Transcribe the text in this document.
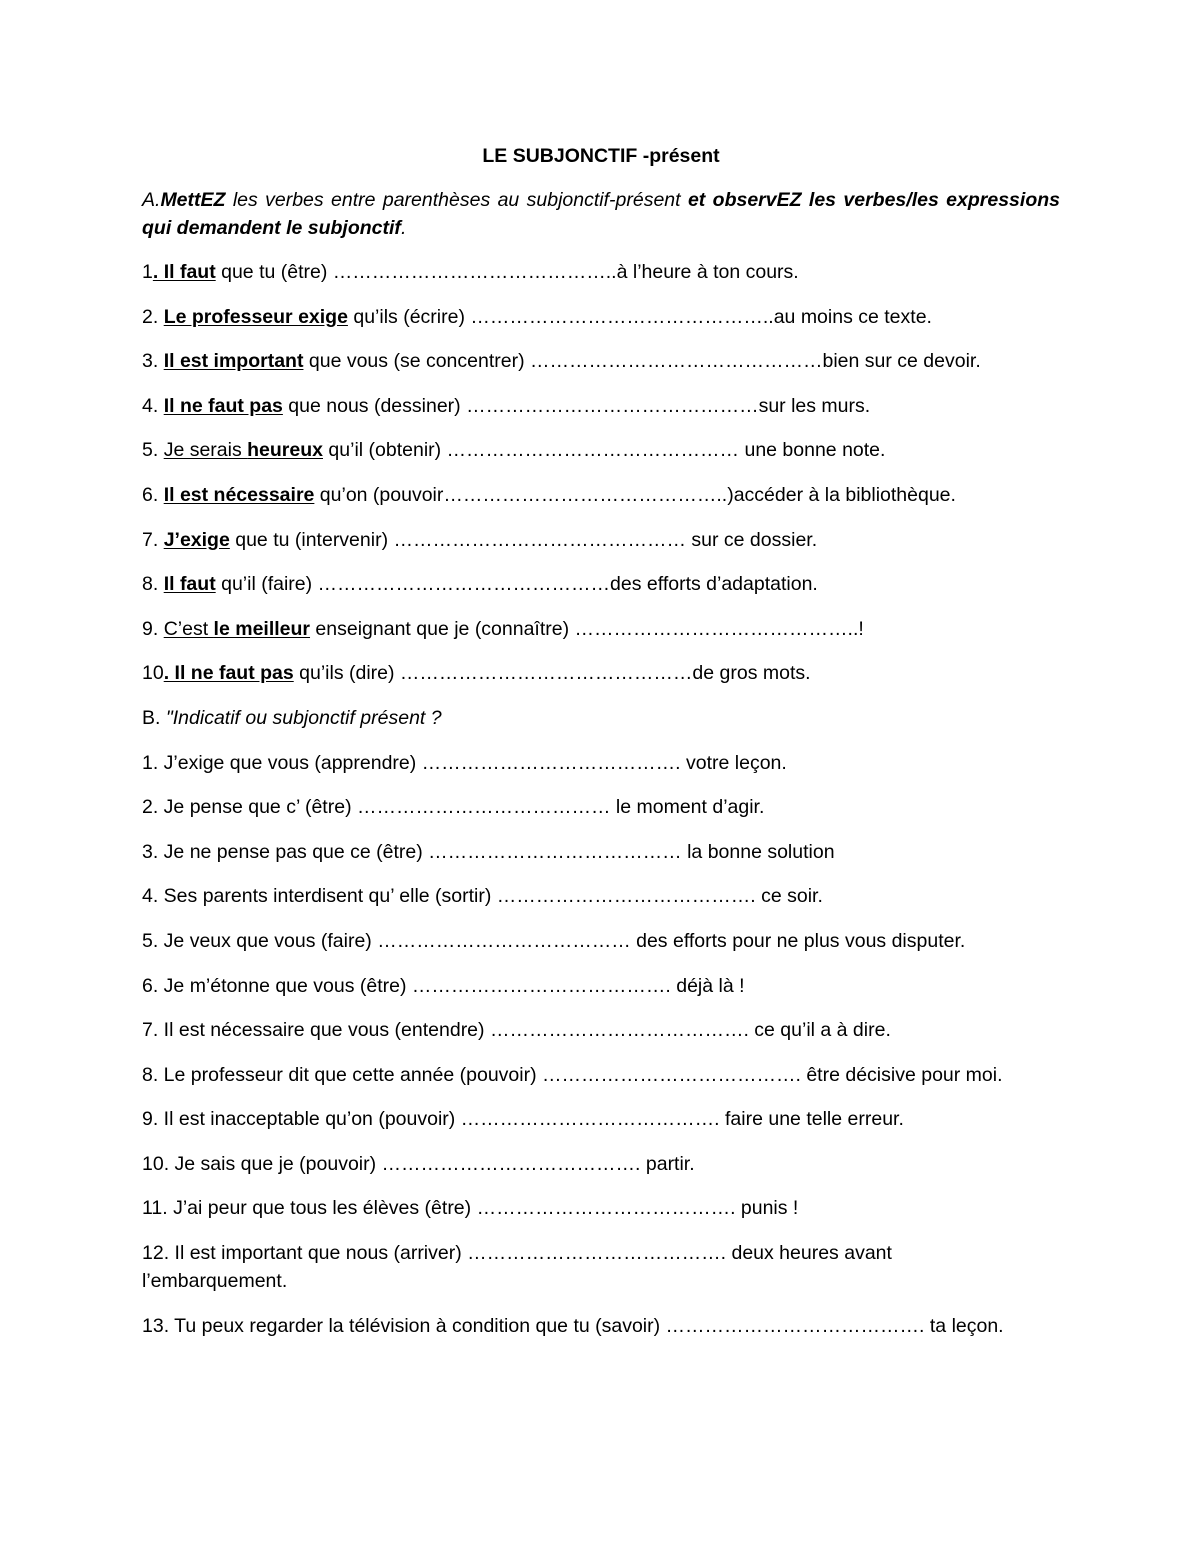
LE SUBJONCTIF -présent
A.MettEZ les verbes entre parenthèses au subjonctif-présent et observEZ les verbes/les expressions qui demandent le subjonctif.
1. Il faut que tu (être) ……………………………………..à l’heure à ton cours.
2. Le professeur exige qu’ils (écrire) ………………………………………..au moins ce texte.
3. Il est important que vous (se concentrer) ………………………………………bien sur ce devoir.
4. Il ne faut pas que nous (dessiner) ………………………………………sur les murs.
5. Je serais heureux qu’il (obtenir) ……………………………………… une bonne note.
6. Il est nécessaire qu’on (pouvoir……………………………………..)accéder à la bibliothèque.
7. J’exige que tu (intervenir) ……………………………………… sur ce dossier.
8. Il faut qu’il (faire) ………………………………………des efforts d’adaptation.
9. C’est le meilleur enseignant que je (connaître) ……………………………………..!
10. Il ne faut pas qu’ils (dire) ………………………………………de gros mots.
B. "Indicatif ou subjonctif présent ?
1. J’exige que vous (apprendre) …………………………………. votre leçon.
2. Je pense que c’ (être) ………………………………… le moment d’agir.
3. Je ne pense pas que ce (être) ………………………………… la bonne solution
4. Ses parents interdisent qu’ elle (sortir) …………………………………. ce soir.
5. Je veux que vous (faire) ………………………………… des efforts pour ne plus vous disputer.
6. Je m’étonne que vous (être) …………………………………. déjà là !
7. Il est nécessaire que vous (entendre) …………………………………. ce qu’il a à dire.
8. Le professeur dit que cette année (pouvoir) …………………………………. être décisive pour moi.
9. Il est inacceptable qu’on (pouvoir) …………………………………. faire une telle erreur.
10. Je sais que je (pouvoir) …………………………………. partir.
11. J’ai peur que tous les élèves (être) …………………………………. punis !
12. Il est important que nous (arriver) …………………………………. deux heures avant l’embarquement.
13. Tu peux regarder la télévision à condition que tu (savoir) …………………………………. ta leçon.
